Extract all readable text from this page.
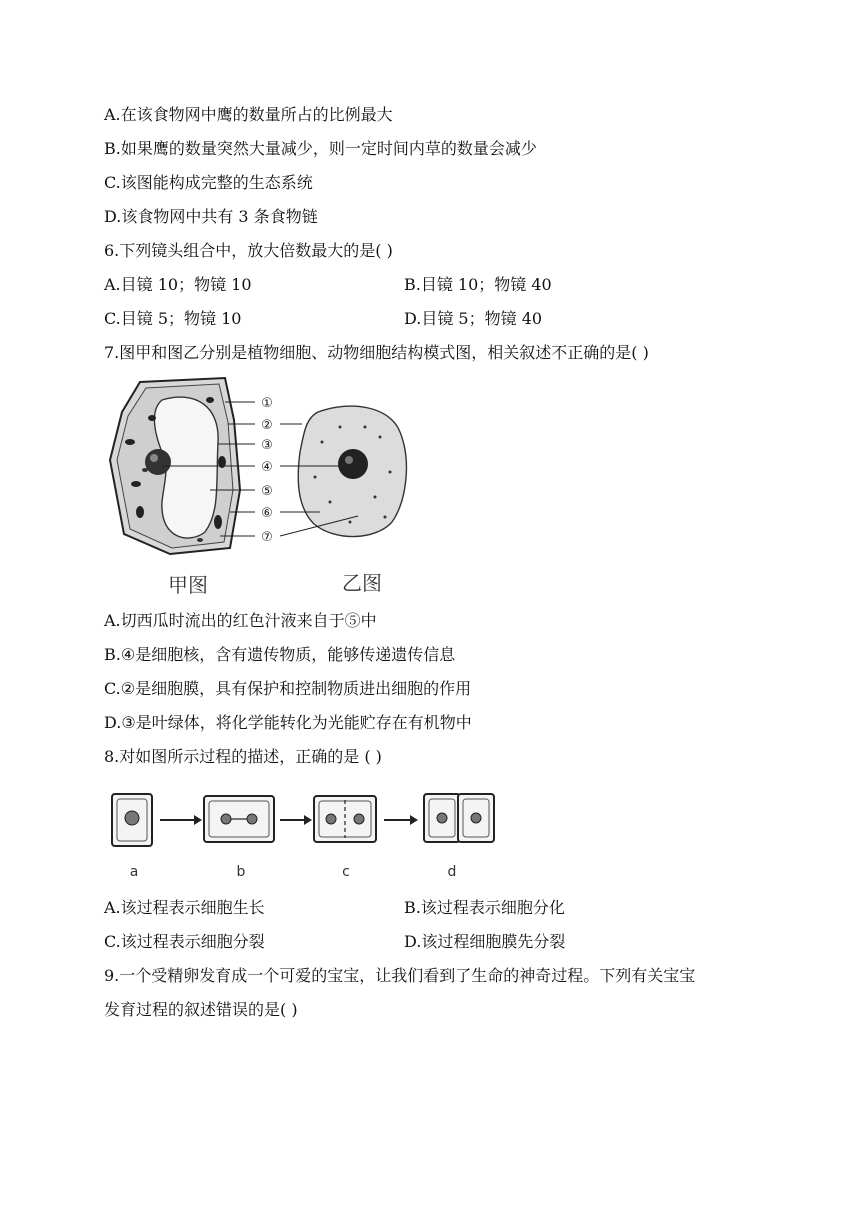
A.在该食物网中鹰的数量所占的比例最大
B.如果鹰的数量突然大量减少，则一定时间内草的数量会减少
C.该图能构成完整的生态系统
D.该食物网中共有 3 条食物链
6.下列镜头组合中，放大倍数最大的是( )
A.目镜 10；物镜 10	B.目镜 10；物镜 40
C.目镜 5；物镜 10	D.目镜 5；物镜 40
7.图甲和图乙分别是植物细胞、动物细胞结构模式图，相关叙述不正确的是( )
①
②
③
④
⑤
⑥
⑦
甲图	乙图
A.切西瓜时流出的红色汁液来自于⑤中
B.④是细胞核，含有遗传物质，能够传递遗传信息
C.②是细胞膜，具有保护和控制物质进出细胞的作用
D.③是叶绿体，将化学能转化为光能贮存在有机物中
8.对如图所示过程的描述，正确的是 ( )
a	b	c	d
A.该过程表示细胞生长	B.该过程表示细胞分化
C.该过程表示细胞分裂	D.该过程细胞膜先分裂
9.一个受精卵发育成一个可爱的宝宝，让我们看到了生命的神奇过程。下列有关宝宝
发育过程的叙述错误的是( )
